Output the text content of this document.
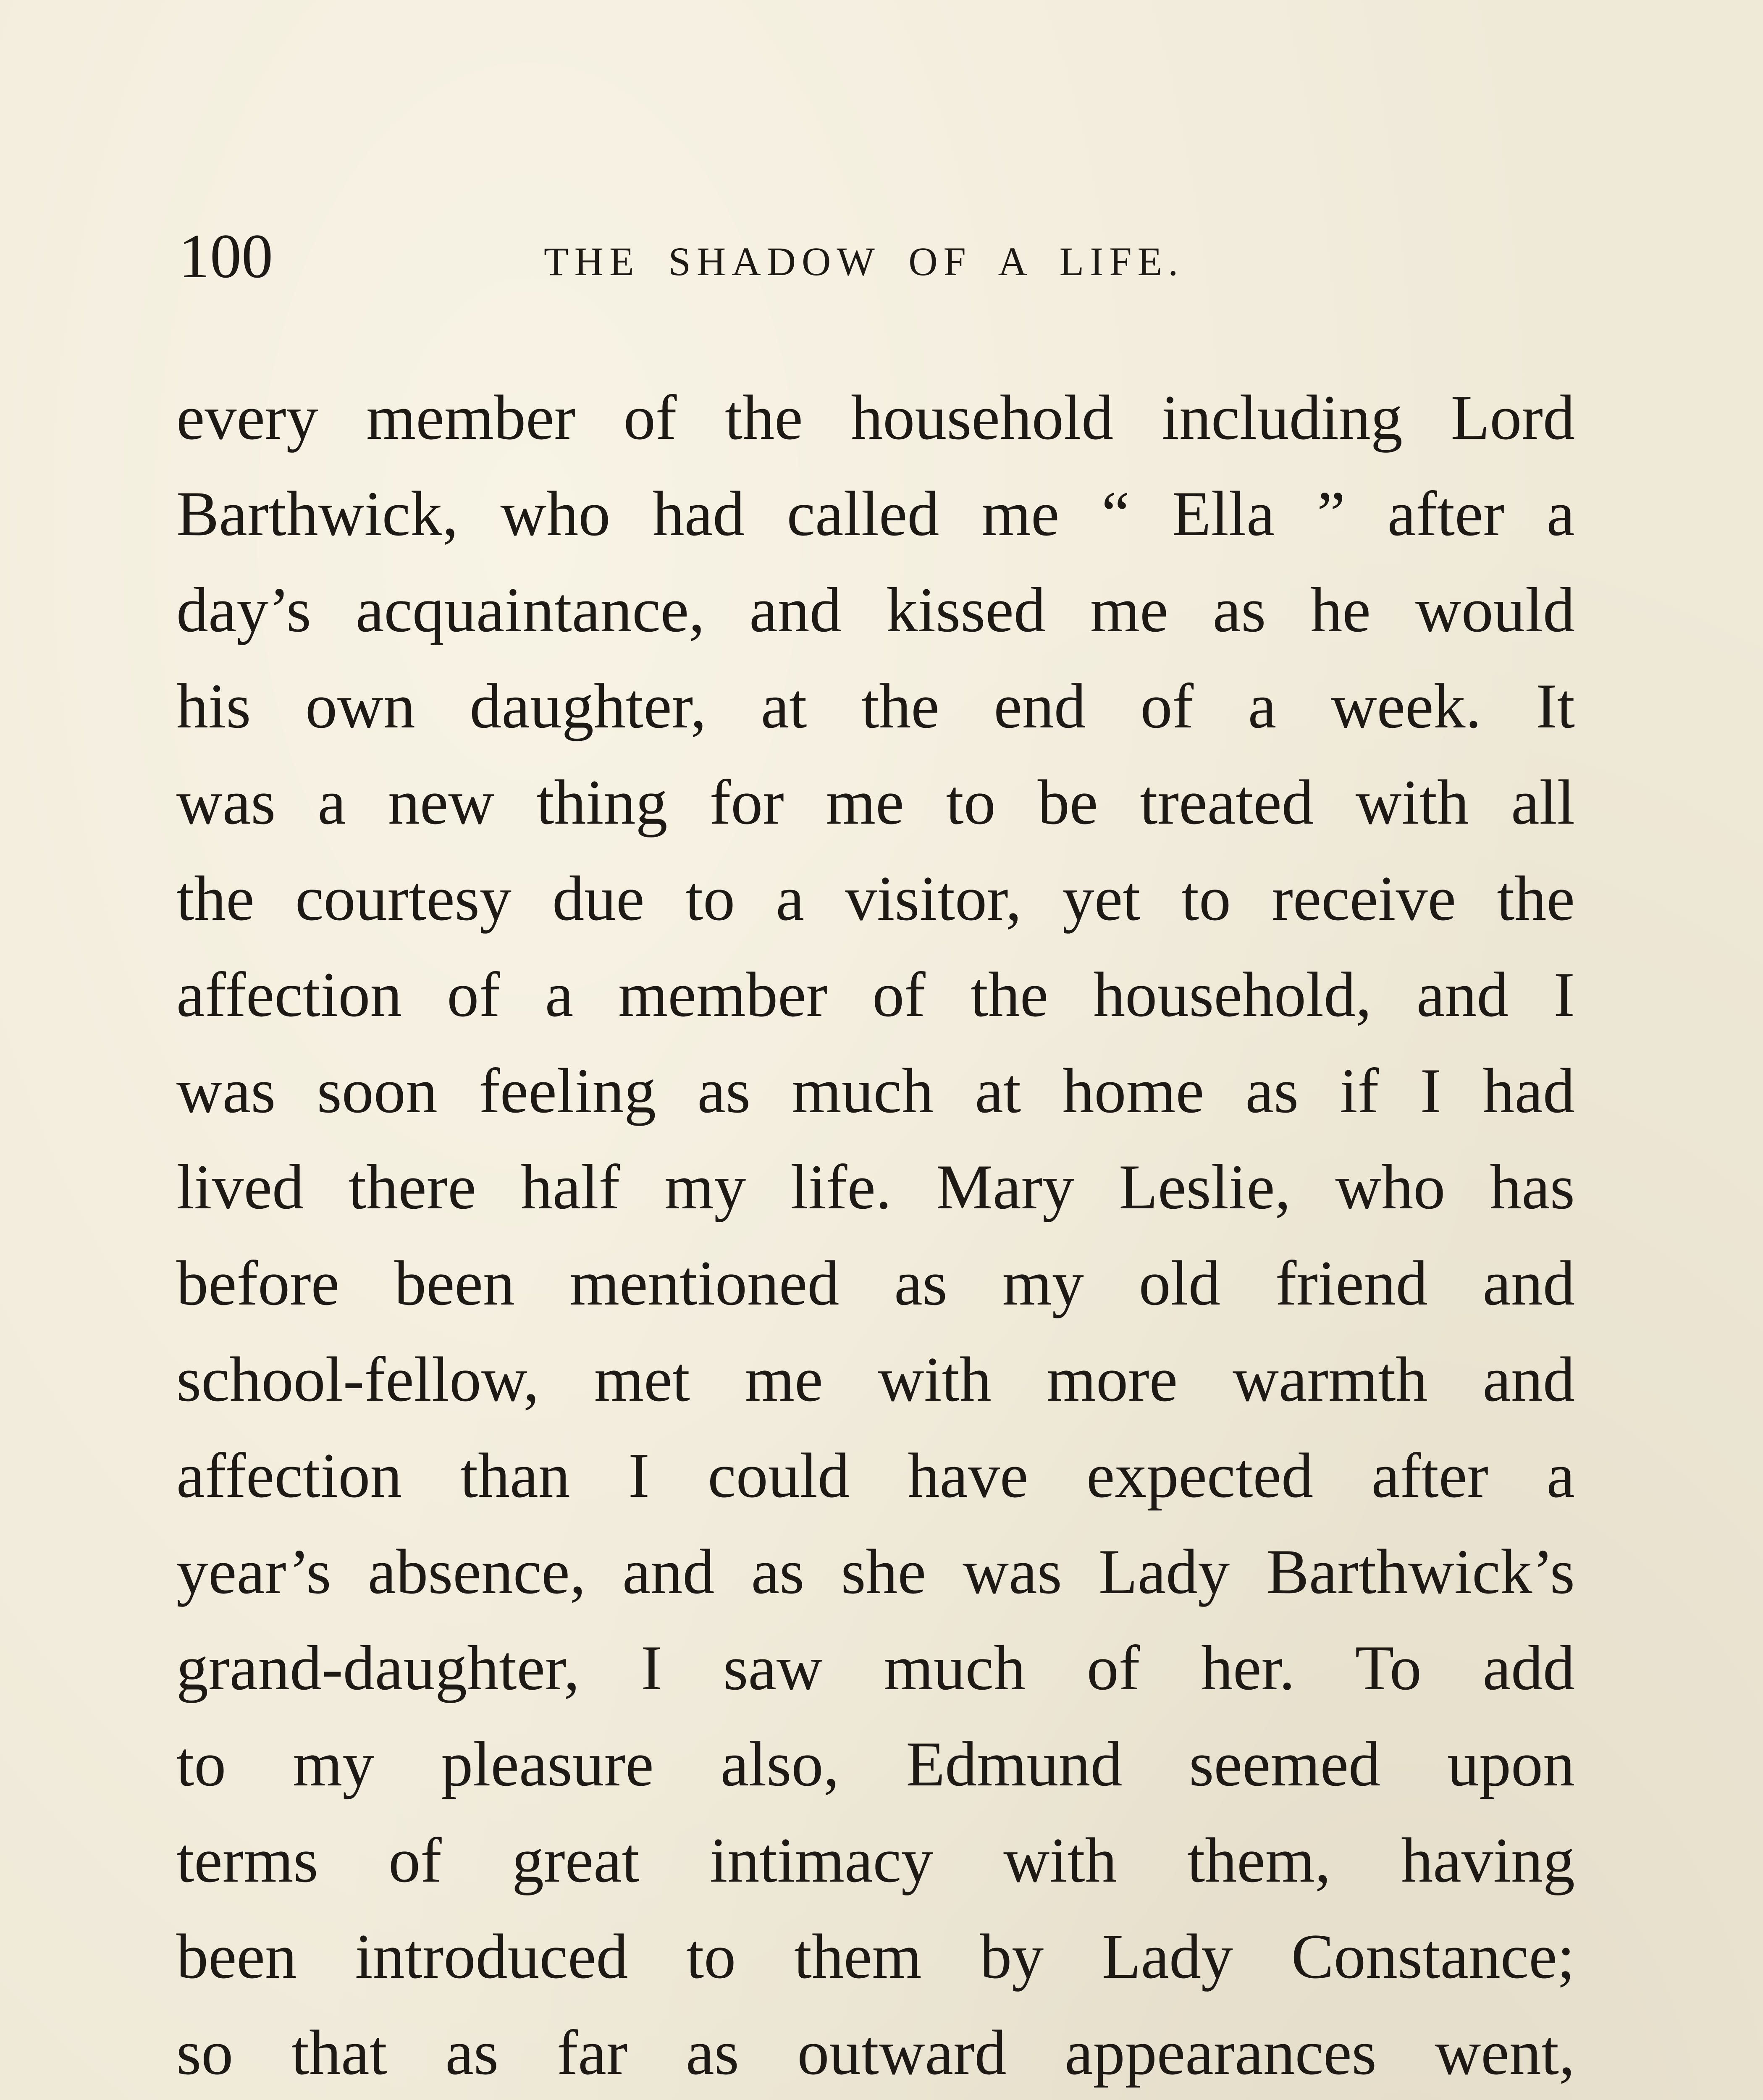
100	THE SHADOW OF A LIFE.
every member of the household including Lord
Barthwick, who had called me “ Ella ” after a
day’s acquaintance, and kissed me as he would
his own daughter, at the end of a week. It
was a new thing for me to be treated with all
the courtesy due to a visitor, yet to receive the
affection of a member of the household, and I
was soon feeling as much at home as if I had
lived there half my life. Mary Leslie, who has
before been mentioned as my old friend and
school-fellow, met me with more warmth and
affection than I could have expected after a
year’s absence, and as she was Lady Barthwick’s
grand-daughter, I saw much of her. To add
to my pleasure also, Edmund seemed upon
terms of great intimacy with them, having
been introduced to them by Lady Constance;
so that as far as outward appearances went,
